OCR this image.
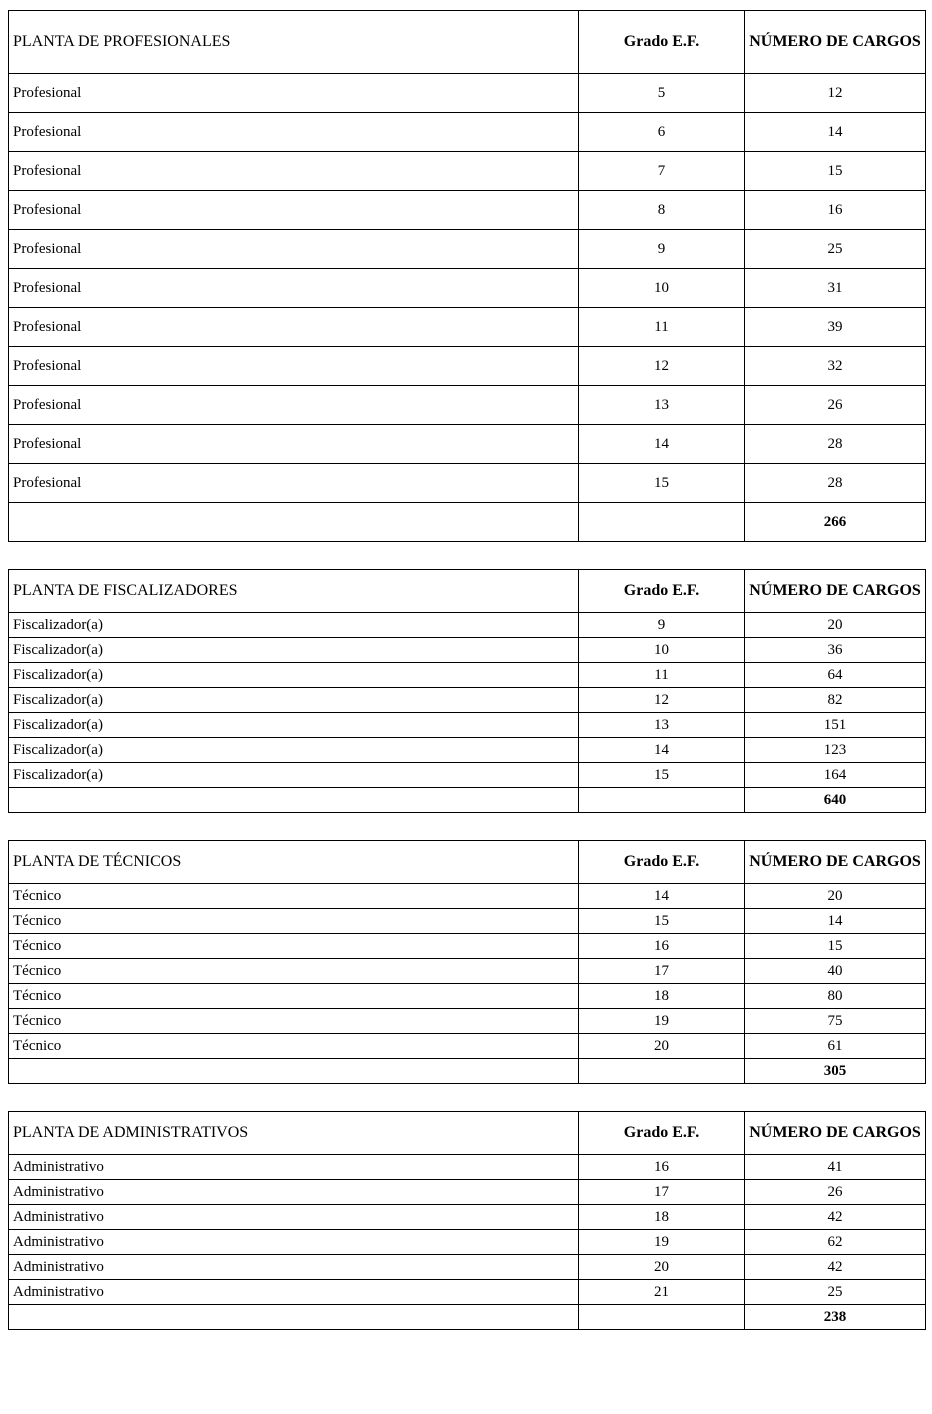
PLANTA DE PROFESIONALES	Grado E.F.	NÚMERO DE CARGOS
Profesional	5	12
Profesional	6	14
Profesional	7	15
Profesional	8	16
Profesional	9	25
Profesional	10	31
Profesional	11	39
Profesional	12	32
Profesional	13	26
Profesional	14	28
Profesional	15	28
		266
PLANTA DE FISCALIZADORES	Grado E.F.	NÚMERO DE CARGOS
Fiscalizador(a)	9	20
Fiscalizador(a)	10	36
Fiscalizador(a)	11	64
Fiscalizador(a)	12	82
Fiscalizador(a)	13	151
Fiscalizador(a)	14	123
Fiscalizador(a)	15	164
		640
PLANTA DE TÉCNICOS	Grado E.F.	NÚMERO DE CARGOS
Técnico	14	20
Técnico	15	14
Técnico	16	15
Técnico	17	40
Técnico	18	80
Técnico	19	75
Técnico	20	61
		305
PLANTA DE ADMINISTRATIVOS	Grado E.F.	NÚMERO DE CARGOS
Administrativo	16	41
Administrativo	17	26
Administrativo	18	42
Administrativo	19	62
Administrativo	20	42
Administrativo	21	25
		238
